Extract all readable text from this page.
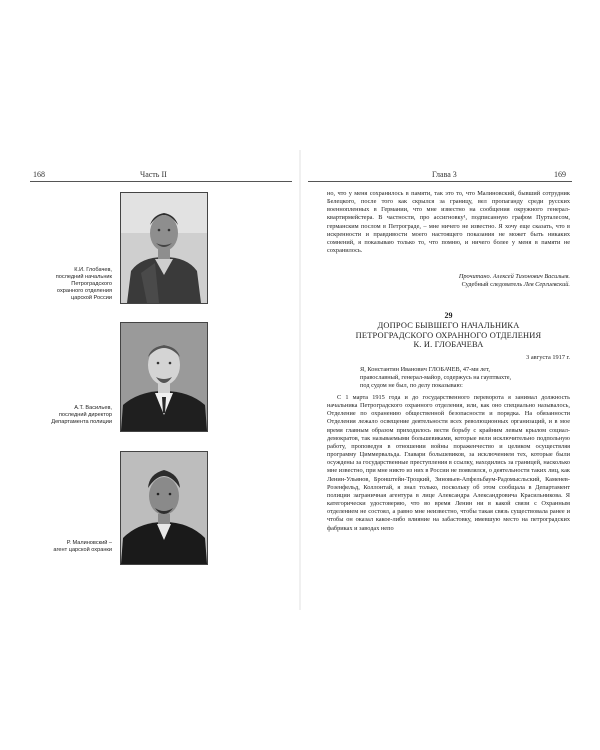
168	Часть II
К.И. Глобачев,
последний начальник
Петроградского
охранного отделения
царской России
А.Т. Васильев,
последний директор
Департамента полиции
Р. Малиновский –
агент царской охранки
Глава 3	169
но, что у меня сохранилось в памяти, так это то, что Малиновский, бывший сотрудник Белецкого, после того как скрылся за границу, вел пропаганду среди русских военнопленных в Германии, что мне известно на сообщения окружного генерал-квартирмейстера. В частности, про ассигновку¹, подписанную графом Пурталесом, германским послом в Петрограде, – мне ничего не известно. Я хочу еще сказать, что в искренности и правдивости моего настоящего показания не может быть никаких сомнений, я показываю только то, что помню, и ничего более у меня в памяти не сохранилось.
Прочитано. Алексей Тихонович Васильев.
Судебный следователь Лев Сергиевский.
29
ДОПРОС БЫВШЕГО НАЧАЛЬНИКА
ПЕТРОГРАДСКОГО ОХРАННОГО ОТДЕЛЕНИЯ
К. И. ГЛОБАЧЕВА
3 августа 1917 г.
Я, Константин Иванович ГЛОБАЧЕВ, 47-ми лет,
православный, генерал-майор, содержусь на гауптвахте,
под судом не был, по делу показываю:
С 1 марта 1915 года и до государственного переворота я занимал должность начальника Петроградского охранного отделения, или, как оно специально называлось, Отделение по охранению общественной безопасности и порядка. На обязанности Отделения лежало освещение деятельности всех революционных организаций, и в мое время главным образом приходилось вести борьбу с крайним левым крылом социал-демократов, так называемыми большевиками, которые вели исключительно подпольную работу, проповедуя в отношении войны пораженчество и целиком осуществляя программу Циммервальда. Главари большевиков, за исключением тех, которые были осуждены за государственные преступления в ссылку, находились за границей, насколько мне известно, при мне никто из них в России не появлялся, о деятельности таких лиц, как Ленин-Ульянов, Бронштейн-Троцкий, Зиновьев-Апфельбаум-Радомысльский, Каменев-Розенфельд, Коллонтай, я знал только, поскольку об этом сообщала в Департамент полиции заграничная агентура в лице Александра Александровича Красильникова. Я категорически удостоверяю, что во время Ленин ни в какой связи с Охранным отделением не состоял, а равно мне неизвестно, чтобы такая связь существовала ранее и чтобы он оказал какое-либо влияние на забастовку, имевшую место на петроградских фабриках и заводах непо
